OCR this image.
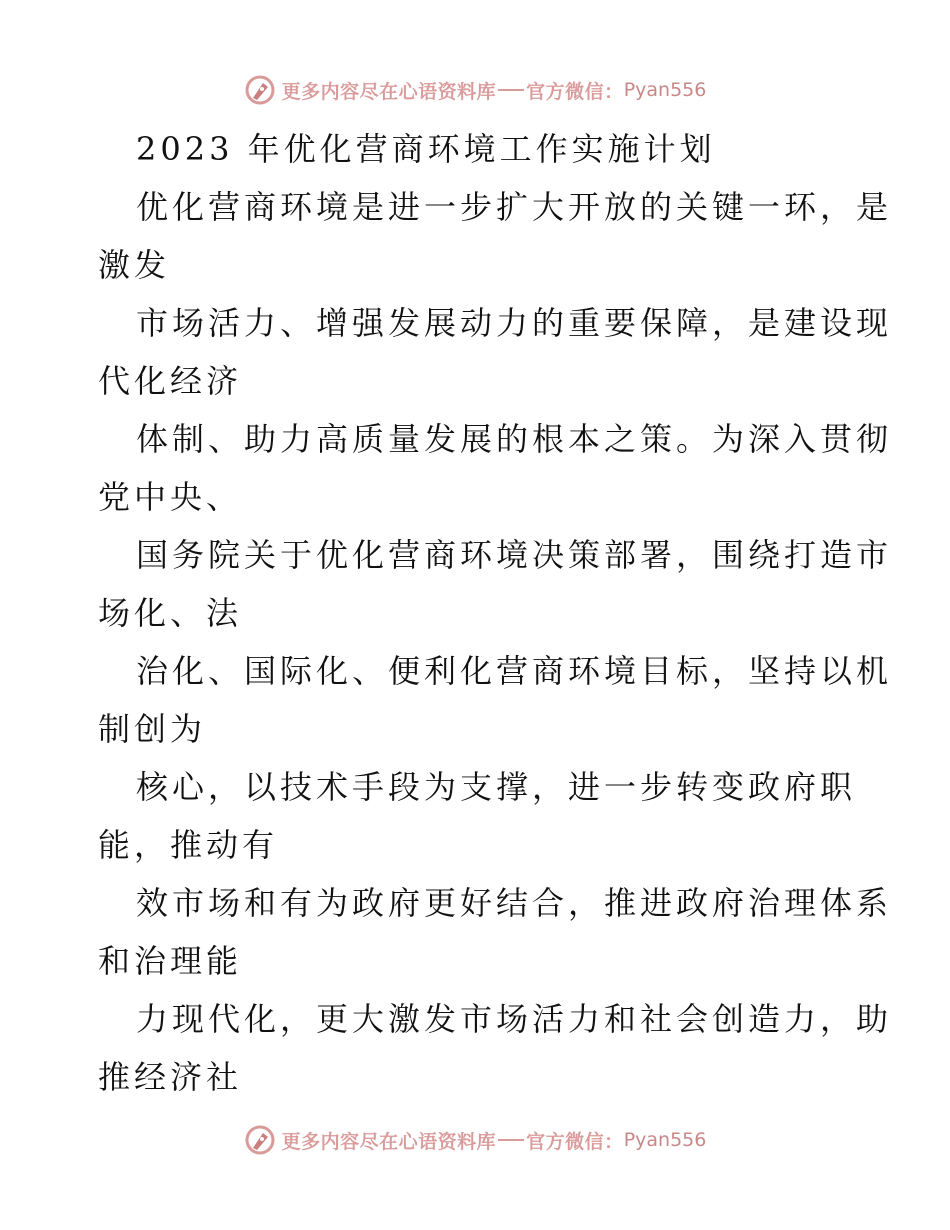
更多内容尽在心语资料库 官方微信： Pyan556
2023 年优化营商环境工作实施计划
优化营商环境是进一步扩大开放的关键一环，是
激发
市场活力、增强发展动力的重要保障，是建设现
代化经济
体制、助力高质量发展的根本之策。为深入贯彻
党中央、
国务院关于优化营商环境决策部署，围绕打造市
场化、法
治化、国际化、便利化营商环境目标，坚持以机
制创为
核心，以技术手段为支撑，进一步转变政府职
能，推动有
效市场和有为政府更好结合，推进政府治理体系
和治理能
力现代化，更大激发市场活力和社会创造力，助
推经济社
更多内容尽在心语资料库 官方微信： Pyan556
